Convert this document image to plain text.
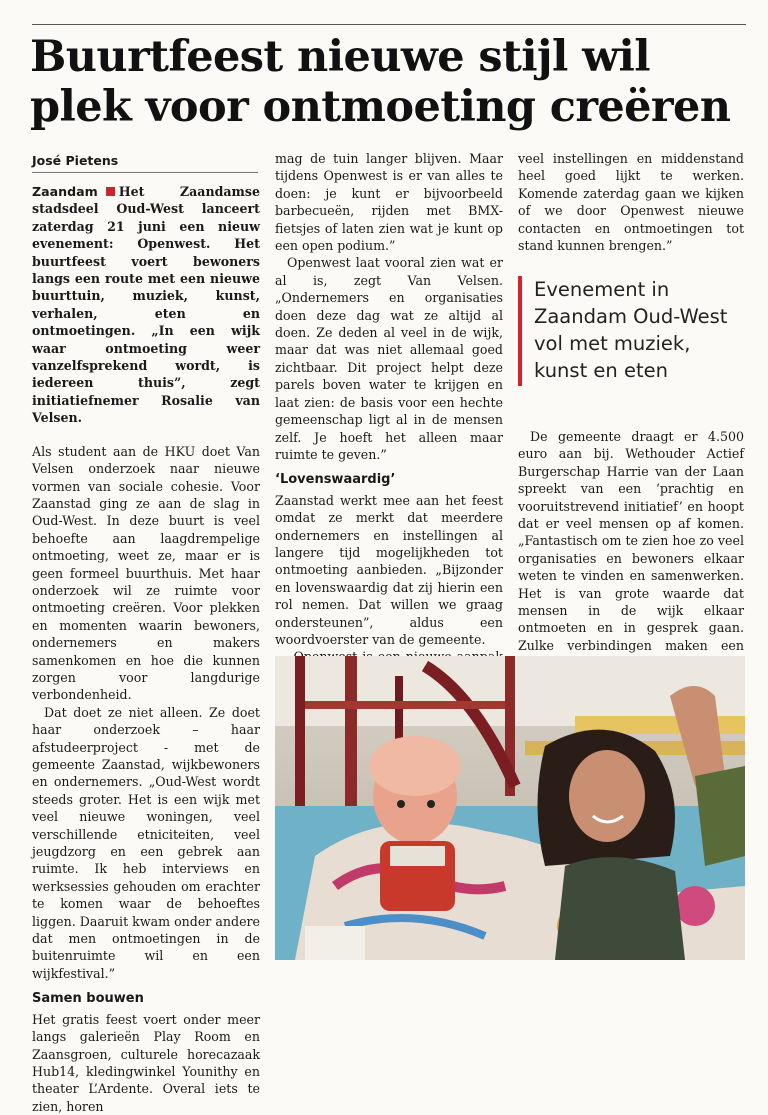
Buurtfeest nieuwe stijl wil
plek voor ontmoeting creëren
José Pietens

Zaandam Het Zaandamse stadsdeel Oud-West lanceert zaterdag 21 juni een nieuw evenement: Openwest. Het buurtfeest voert bewoners langs een route met een nieuwe buurttuin, muziek, kunst, verhalen, eten en ontmoetingen. „In een wijk waar ontmoeting weer vanzelfsprekend wordt, is iedereen thuis”, zegt initiatiefnemer Rosalie van Velsen.

Als student aan de HKU doet Van Velsen onderzoek naar nieuwe vormen van sociale cohesie. Voor Zaanstad ging ze aan de slag in Oud-West. In deze buurt is veel behoefte aan laagdrempelige ontmoeting, weet ze, maar er is geen formeel buurthuis. Met haar onderzoek wil ze ruimte voor ontmoeting creëren. Voor plekken en momenten waarin bewoners, ondernemers en makers samenkomen en hoe die kunnen zorgen voor langdurige verbondenheid.

Dat doet ze niet alleen. Ze doet haar onderzoek – haar afstudeerproject - met de gemeente Zaanstad, wijkbewoners en ondernemers. „Oud-West wordt steeds groter. Het is een wijk met veel nieuwe woningen, veel verschillende etniciteiten, veel jeugdzorg en een gebrek aan ruimte. Ik heb interviews en werksessies gehouden om erachter te komen waar de behoeftes liggen. Daaruit kwam onder andere dat men ontmoetingen in de buitenruimte wil en een wijkfestival.”

Samen bouwen

Het gratis feest voert onder meer langs galerieën Play Room en Zaansgroen, culturele horecazaak Hub14, kledingwinkel Younithy en theater L’Ardente. Overal iets te zien, horen

mag de tuin langer blijven. Maar tijdens Openwest is er van alles te doen: je kunt er bijvoorbeeld barbecueën, rijden met BMX-fietsjes of laten zien wat je kunt op een open podium.”

Openwest laat vooral zien wat er al is, zegt Van Velsen. „Ondernemers en organisaties doen deze dag wat ze altijd al doen. Ze deden al veel in de wijk, maar dat was niet allemaal goed zichtbaar. Dit project helpt deze parels boven water te krijgen en laat zien: de basis voor een hechte gemeenschap ligt al in de mensen zelf. Je hoeft het alleen maar ruimte te geven.”

‘Lovenswaardig’

Zaanstad werkt mee aan het feest omdat ze merkt dat meerdere ondernemers en instellingen al langere tijd mogelijkheden tot ontmoeting aanbieden. „Bijzonder en lovenswaardig dat zij hierin een rol nemen. Dat willen we graag ondersteunen”, aldus een woordvoerster van de gemeente.

veel instellingen en middenstand heel goed lijkt te werken. Komende zaterdag gaan we kijken of we door Openwest nieuwe contacten en ontmoetingen tot stand kunnen brengen.”

Evenement in
Zaandam Oud-West
vol met muziek,
kunst en eten

De gemeente draagt er 4.500 euro aan bij. Wethouder Actief Burgerschap Harrie van der Laan spreekt van een ‘prachtig en vooruitstrevend initiatief’ en hoopt dat er veel mensen op af komen. „Fantastisch om te zien hoe zo veel organisaties en bewoners elkaar weten te vinden en samenwerken. Het is van grote waarde dat mensen in de wijk elkaar ontmoeten en in gesprek gaan. Zulke verbindingen maken een
